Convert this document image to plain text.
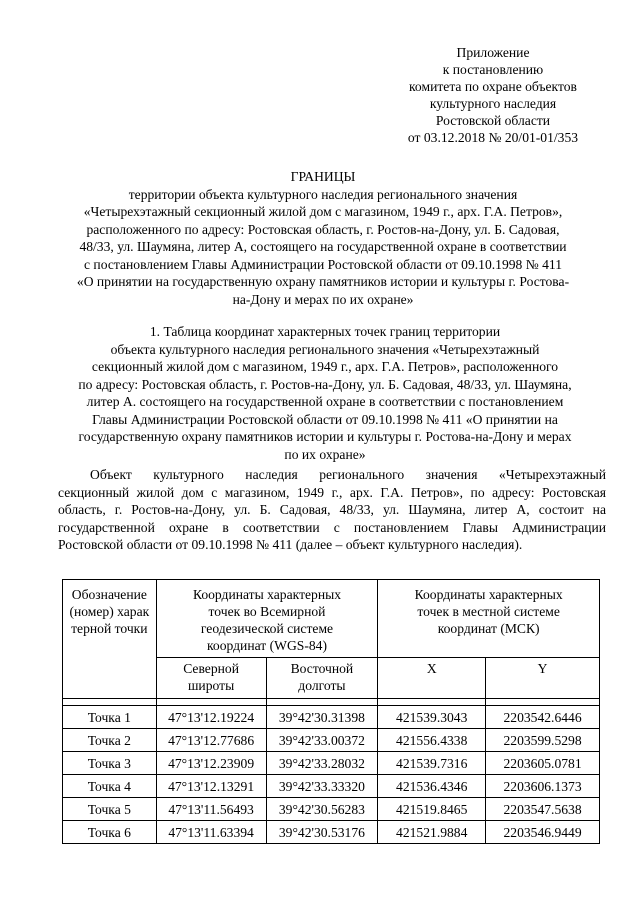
Приложение
к постановлению
комитета по охране объектов
культурного наследия
Ростовской области
от 03.12.2018 № 20/01-01/353
ГРАНИЦЫ
территории объекта культурного наследия регионального значения
«Четырехэтажный секционный жилой дом с магазином, 1949 г., арх. Г.А. Петров»,
расположенного по адресу: Ростовская область, г. Ростов-на-Дону, ул. Б. Садовая,
48/33, ул. Шаумяна, литер А, состоящего на государственной охране в соответствии
с постановлением Главы Администрации Ростовской области от 09.10.1998 № 411
«О принятии на государственную охрану памятников истории и культуры г. Ростова-
на-Дону и мерах по их охране»
1. Таблица координат характерных точек границ территории
объекта культурного наследия регионального значения «Четырехэтажный
секционный жилой дом с магазином, 1949 г., арх. Г.А. Петров», расположенного
по адресу: Ростовская область, г. Ростов-на-Дону, ул. Б. Садовая, 48/33, ул. Шаумяна,
литер А. состоящего на государственной охране в соответствии с постановлением
Главы Администрации Ростовской области от 09.10.1998 № 411 «О принятии на
государственную охрану памятников истории и культуры г. Ростова-на-Дону и мерах
по их охране»
Объект культурного наследия регионального значения «Четырехэтажный
секционный жилой дом с магазином, 1949 г., арх. Г.А. Петров», по адресу: Ростовская
область, г. Ростов-на-Дону, ул. Б. Садовая, 48/33, ул. Шаумяна, литер А, состоит на
государственной охране в соответствии с постановлением Главы Администрации
Ростовской области от 09.10.1998 № 411 (далее – объект культурного наследия).
Обозначение (номер) характерной точки	Координаты характерных точек во Всемирной геодезической системе координат (WGS-84)		Координаты характерных точек в местной системе координат (МСК)	

	Северной широты	Восточной долготы	X	Y

Точка 1	47°13'12.19224	39°42'30.31398	421539.3043	2203542.6446
Точка 2	47°13'12.77686	39°42'33.00372	421556.4338	2203599.5298
Точка 3	47°13'12.23909	39°42'33.28032	421539.7316	2203605.0781
Точка 4	47°13'12.13291	39°42'33.33320	421536.4346	2203606.1373
Точка 5	47°13'11.56493	39°42'30.56283	421519.8465	2203547.5638
Точка 6	47°13'11.63394	39°42'30.53176	421521.9884	2203546.9449
